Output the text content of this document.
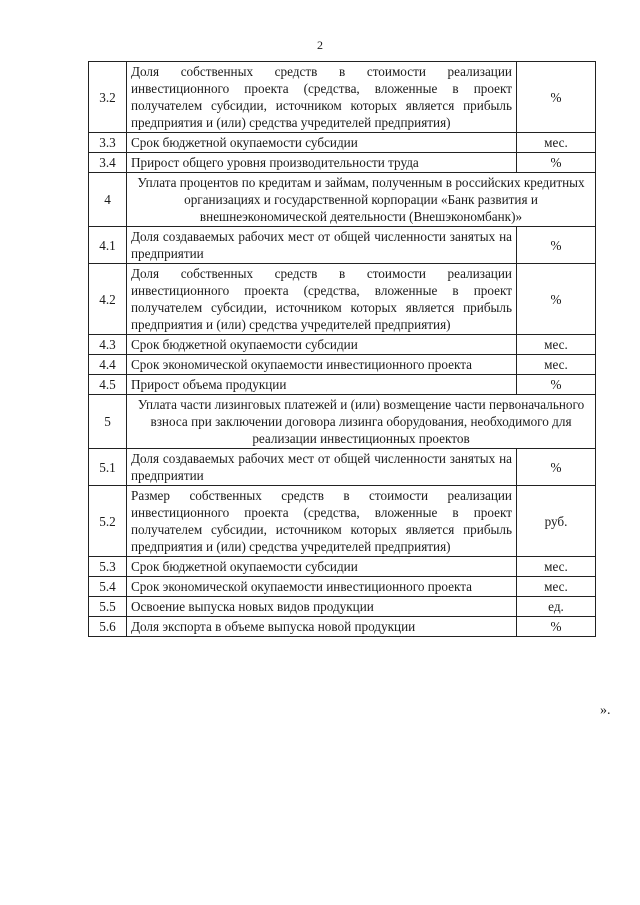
2
3.2	Доля собственных средств в стоимости реализации инвестиционного проекта (средства, вложенные в проект получателем субсидии, источником которых является прибыль предприятия и (или) средства учредителей предприятия)	%
3.3	Срок бюджетной окупаемости субсидии	мес.
3.4	Прирост общего уровня производительности труда	%
4	Уплата процентов по кредитам и займам, полученным в российских кредитных организациях и государственной корпорации «Банк развития и внешнеэкономической деятельности (Внешэкономбанк)»	
4.1	Доля создаваемых рабочих мест от общей численности занятых на предприятии	%
4.2	Доля собственных средств в стоимости реализации инвестиционного проекта (средства, вложенные в проект получателем субсидии, источником которых является прибыль предприятия и (или) средства учредителей предприятия)	%
4.3	Срок бюджетной окупаемости субсидии	мес.
4.4	Срок экономической окупаемости инвестиционного проекта	мес.
4.5	Прирост объема продукции	%
5	Уплата части лизинговых платежей и (или) возмещение части первоначального взноса при заключении договора лизинга оборудования, необходимого для реализации инвестиционных проектов	
5.1	Доля создаваемых рабочих мест от общей численности занятых на предприятии	%
5.2	Размер собственных средств в стоимости реализации инвестиционного проекта (средства, вложенные в проект получателем субсидии, источником которых является прибыль предприятия и (или) средства учредителей предприятия)	руб.
5.3	Срок бюджетной окупаемости субсидии	мес.
5.4	Срок экономической окупаемости инвестиционного проекта	мес.
5.5	Освоение выпуска новых видов продукции	ед.
5.6	Доля экспорта в объеме выпуска новой продукции	%
».
